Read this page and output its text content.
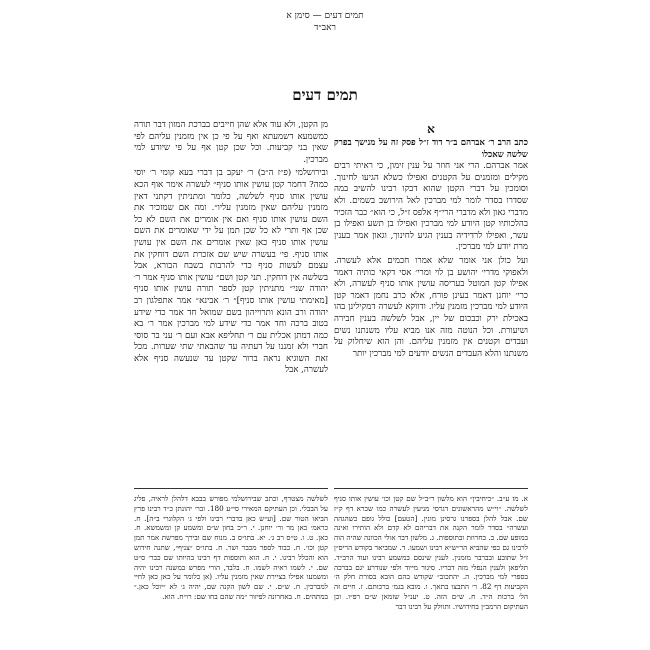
תמים דעים — סימן א
ראב״ד
תמים דעים
א

כתב הרב ר׳ אברהם ב״ר דוד ז״ל פסק זה על מנישך בפרק שלשה שאכלו

אמר אברהם. הרי אני חוזר על ענין זימון, כי ראיתי רבים מקילים ומזמנים על הקטנים ואפילו כשלא הגיעו לחינוך. וסומכין על דברי הקטן שהוא דבקו רבינו להשיב במה שסדרו בסדר לומר למי מברכין לאל הירושב בשמים. ולא מדברי גאון ולא מדברי הרי״ף אלפס ז״ל, כי הוא״ כבר הזכיר בהלכותיו קטן היודע למי מברכין ואפילו בן תשע ואפילו בן עשר, ואפילו לרדידיה בענין הגיע לחינוך, וגאון אמר בענין מרת יודע למי מברכין.

ועל כולן אני אומר שלא אמרו חכמים אלא לעשרה. ולאפוקי מדרי׳ יהושע בן לוי ומרי׳ אסי דקאי כותיה דאמר אפילו קטן המוטל בעריסה עושין אותו סניף לעשרה, ולא כרי׳ יוחנן דאמר בעינן פורח, אלא כרב נחמן דאמר קטן היודע למי מברכין מזמנין עליו. ודווקא לעשרה דמקילינן בהו באכילת ירק וכבכום של יין, אבל לשלשה בענין חבירה ושיעורת. וכל הנוטה מזה אנו מביא עליו משנתנו נשים ועבדים וקטנים אין מזמנין עליהם. והן הוא שיחלוק על משנתנו והלא העבדים הנשים יודעים למי מברכין יותר

מן הקטן, ולא עוד אלא שהן חייבים בברכת המזון דבר תורה כמשמעא דשמעתא ואף על פי כן אין מזמנין עליהם לפי שאין בני קביעות. וכל שכן קטן אף על פי שיודע למי מברכין.

ובירושלמי (פ״ז ה״ב) ר׳ יעקב בן דברי בעא קומי ר׳ יוסי כמה? דחמר קטן עושין אותו סניף״ לעשרה אימר אוף הכא עושין אותו סניף לשלשה, כלומר ומתניתין דקתני דאין מזמנין עליהם שאין מזמנין עליו״. ומה אם שמזכיר את השם עושין אותו סניף ואם אין אומרים את השם לא כל שכן אף ותרי לא כל שכן תמן על ידי שאומרים את השם עושין אותו סניף כאן שאין אומרים את השם אין עושין אותו סניף. פי׳ בעשרה שיש שם אזכרת השם דוחקין את עצמם לעשות סניף כדי להרבות בשבח הבורא, אבל בשלשה אין דוחקין. תני קטן ושם״ עושין אותו סניף אמר ר׳ יהודה שני״ מתניתין קטן לספר תורה עושין אותו סניף [מאימתי עושין אותו סניף]״ ר׳ אבינא״ אמר אתפלגון רב יהודה ורב הונא ותרוייהון בשם שמואל חד אמר כדי שידע בטוב ברכה וחד אמר כדי שידע למי מברכין אמר ר׳ בא כמה דמתן אכלית עם ר׳ תחליפא אבא ועם ר׳ עני בר סוסי חברי ולא זמננו על דעתיה עד שהבאתי שתי שערות. מכל זאת השוגיא נראה ברור שקטן עד שנעשה סניף אלא לעשרה, אבל

א. מז ע״ב. ״כיחיבין״ הוא מלשון ר״ב״ל שם קטן וכו׳ עושין אותו סניף לשלשה. ״וי״ש מהראשונים דגרסי מניעין לעשרה כמו שכרא דף ק״ז שם. אבל להלן בספרנו גרסינן מונין. [הטעם] כולל גופם כשהגהה ועשרה״ בסדר לומר הקנה את דבריהם לא קדם ולא הותירו ואינה במופע שם. ב. בחרוזת ובתוספות. ג. מלשון דבר אולי הכוונה שהיה הוה לרבינו גם כפי שהביא הר״ש״א רבינו ושמעו. ד. שמביאר בקודש הריס״ן ז״ל שתובע ובברבר מזמנין. לענין שינסם במשמע רבינו ועוד הרב״ד. תליפאן ולענין הנפלי מזה דבריו. סיגור מייוד ולפי שנודרע יגם בברכה בספרי למי מברכין. ה. יהתכוב״ שקודש בהם הובא בסורת חלק ה׳ הקביעות דף 82. ר׳ התבצו בתאך. ו. מובא בגמ׳ ברכותם. ז. חיים זה הל׳ ברכות ה״ד. ח. ש״ם הזה. ט. יענ״ל שזמאן ש״ם רפ״ו. וכן העתיקום הרמב״ן בחידושיו. ותוולק על רבינו דבר

לשלשה מצטרף, וכתב שבירושלמי מפורש בבבא דלהלן לראיה, פליג על הבבלי. וכן העתיקם המאירי סי״ע 180. ובר׳ יהונתן כ״ד רבינו פרץ הביאו הטור שם. [וע״ש כאן בדברי רבינו ולפי ג׳ הקלוגרי ב״ה]. ח. כראמ׳ כאן מר ור׳ יוחנן. י. ר״כ בחון ש״ם ומשמע קן ומשמשא. ח. כאן. ט. ו. ט״ס רב ג׳. יא. בתו״ס ב. מנוח שם ובירך מפרשת אמר תמן קטן וכו׳. ח. כבוד לספר מכבר ושר. ח. בתו״ס ״צניף״, שתנה חידוש הוא והכלל רבינו. י. ח. הוא ותוספות דף רבינו בהיותו שם כבר׳ ס״ט שם. י. לשמו ראיה לשמו. ח. בלבד, הורי מפרש במשנה רבינו יהיה ומשמעו אפילו בציירת שאין מזמנין עליו. (אן כלומר על כאן כאן לחיי למברכין. ח. ש״ם. י. שם לשון הקנה שם, יהיה ג׳ לא ״יוכל כאן.״ במתהים. ח. באחרונה לפיזור ״מה שהם בחו שם: רו״ח. הוא.
